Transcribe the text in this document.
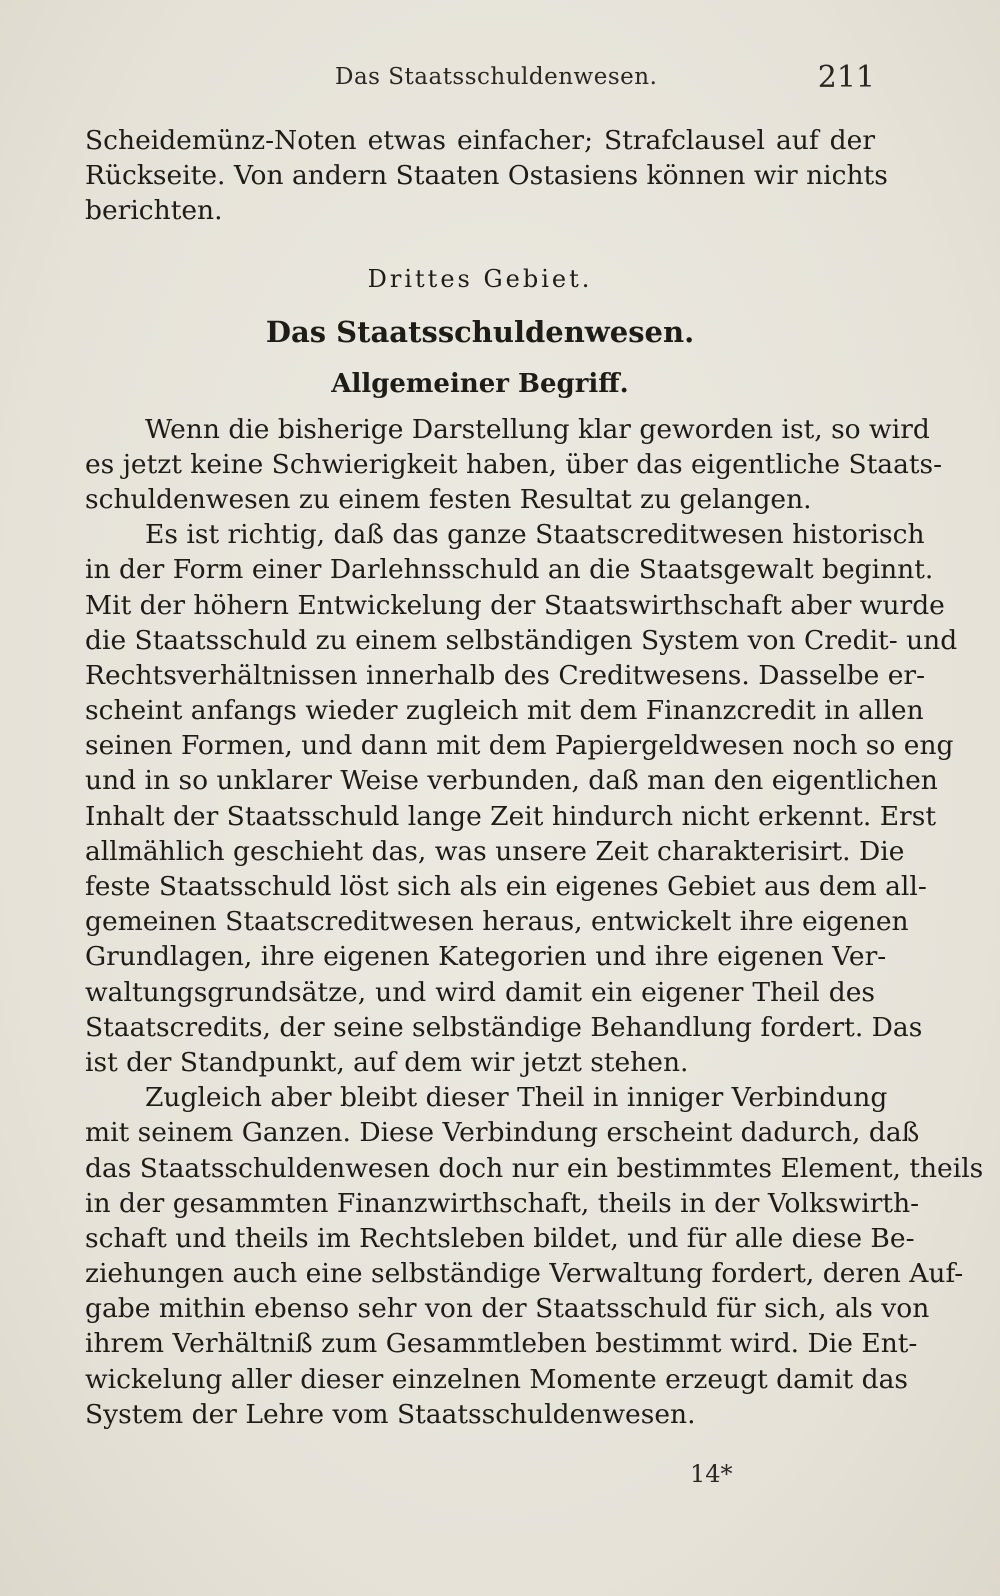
Das Staatsschuldenwesen.	211
Scheidemünz-Noten etwas einfacher; Strafclausel auf der
Rückseite. Von andern Staaten Ostasiens können wir nichts
berichten.
Drittes Gebiet.
Das Staatsschuldenwesen.
Allgemeiner Begriff.
Wenn die bisherige Darstellung klar geworden ist, so wird
es jetzt keine Schwierigkeit haben, über das eigentliche Staats-
schuldenwesen zu einem festen Resultat zu gelangen.
Es ist richtig, daß das ganze Staatscreditwesen historisch
in der Form einer Darlehnsschuld an die Staatsgewalt beginnt.
Mit der höhern Entwickelung der Staatswirthschaft aber wurde
die Staatsschuld zu einem selbständigen System von Credit- und
Rechtsverhältnissen innerhalb des Creditwesens. Dasselbe er-
scheint anfangs wieder zugleich mit dem Finanzcredit in allen
seinen Formen, und dann mit dem Papiergeldwesen noch so eng
und in so unklarer Weise verbunden, daß man den eigentlichen
Inhalt der Staatsschuld lange Zeit hindurch nicht erkennt. Erst
allmählich geschieht das, was unsere Zeit charakterisirt. Die
feste Staatsschuld löst sich als ein eigenes Gebiet aus dem all-
gemeinen Staatscreditwesen heraus, entwickelt ihre eigenen
Grundlagen, ihre eigenen Kategorien und ihre eigenen Ver-
waltungsgrundsätze, und wird damit ein eigener Theil des
Staatscredits, der seine selbständige Behandlung fordert. Das
ist der Standpunkt, auf dem wir jetzt stehen.
Zugleich aber bleibt dieser Theil in inniger Verbindung
mit seinem Ganzen. Diese Verbindung erscheint dadurch, daß
das Staatsschuldenwesen doch nur ein bestimmtes Element, theils
in der gesammten Finanzwirthschaft, theils in der Volkswirth-
schaft und theils im Rechtsleben bildet, und für alle diese Be-
ziehungen auch eine selbständige Verwaltung fordert, deren Auf-
gabe mithin ebenso sehr von der Staatsschuld für sich, als von
ihrem Verhältniß zum Gesammtleben bestimmt wird. Die Ent-
wickelung aller dieser einzelnen Momente erzeugt damit das
System der Lehre vom Staatsschuldenwesen.
14*
